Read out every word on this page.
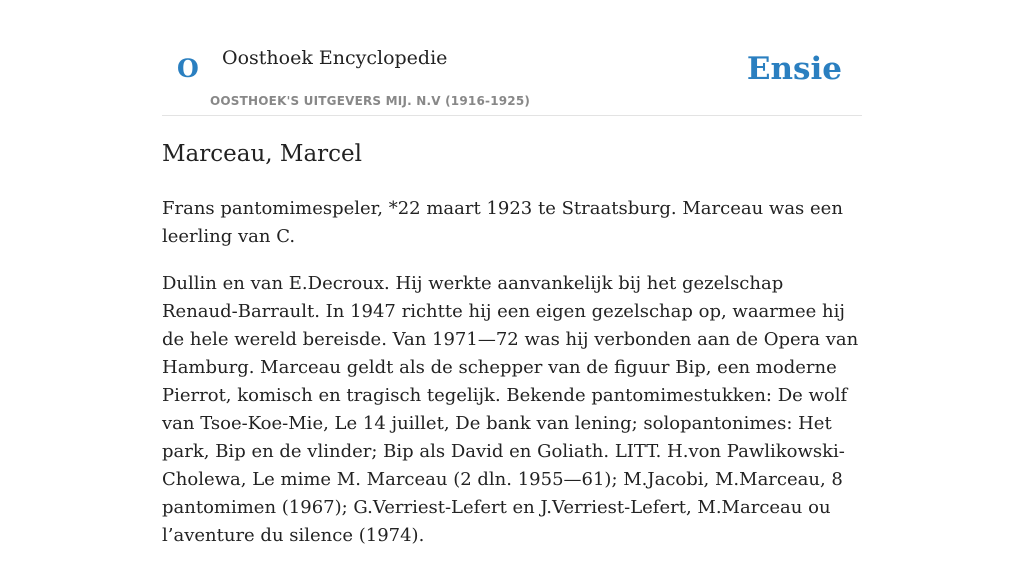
O Oosthoek Encyclopedie
OOSTHOEK'S UITGEVERS MIJ. N.V (1916-1925)
Ensie
Marceau, Marcel

Frans pantomimespeler, *22 maart 1923 te Straatsburg. Marceau was een leerling van C.

Dullin en van E.Decroux. Hij werkte aanvankelijk bij het gezelschap Renaud-Barrault. In 1947 richtte hij een eigen gezelschap op, waarmee hij de hele wereld bereisde. Van 1971—72 was hij verbonden aan de Opera van Hamburg. Marceau geldt als de schepper van de figuur Bip, een moderne Pierrot, komisch en tragisch tegelijk. Bekende pantomimestukken: De wolf van Tsoe-Koe-Mie, Le 14 juillet, De bank van lening; solopantonimes: Het park, Bip en de vlinder; Bip als David en Goliath. LITT. H.von Pawlikowski-Cholewa, Le mime M. Marceau (2 dln. 1955—61); M.Jacobi, M.Marceau, 8 pantomimen (1967); G.Verriest-Lefert en J.Verriest-Lefert, M.Marceau ou l’aventure du silence (1974).
